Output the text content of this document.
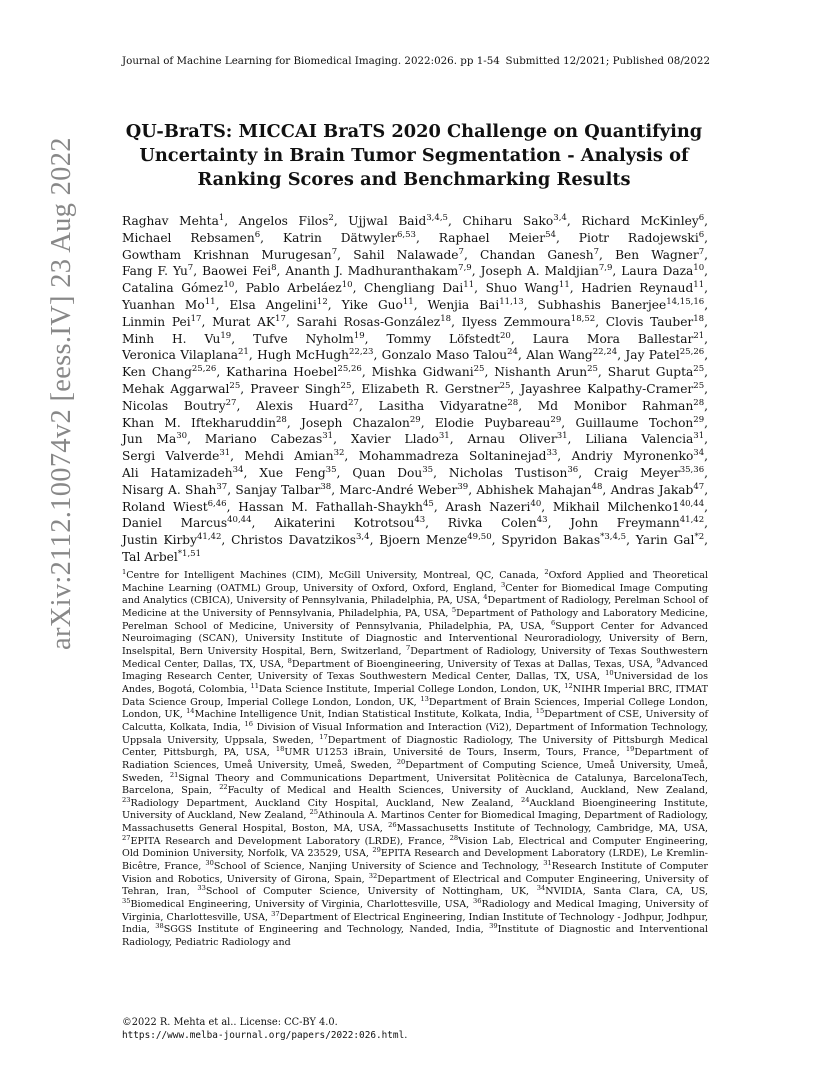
Journal of Machine Learning for Biomedical Imaging. 2022:026. pp 1-54 Submitted 12/2021; Published 08/2022
arXiv:2112.10074v2 [eess.IV] 23 Aug 2022
QU-BraTS: MICCAI BraTS 2020 Challenge on Quantifying
Uncertainty in Brain Tumor Segmentation - Analysis of
Ranking Scores and Benchmarking Results
Raghav Mehta$^1$, Angelos Filos$^2$, Ujjwal Baid$^{3,4,5}$, Chiharu Sako$^{3,4}$, Richard McKinley$^6$, Michael Rebsamen$^6$, Katrin Dätwyler$^{6,53}$, Raphael Meier$^{54}$, Piotr Radojewski$^6$, Gowtham Krishnan Murugesan$^7$, Sahil Nalawade$^7$, Chandan Ganesh$^7$, Ben Wagner$^7$, Fang F. Yu$^7$, Baowei Fei$^8$, Ananth J. Madhuranthakam$^{7,9}$, Joseph A. Maldjian$^{7,9}$, Laura Daza$^{10}$, Catalina Gómez$^{10}$, Pablo Arbeláez$^{10}$, Chengliang Dai$^{11}$, Shuo Wang$^{11}$, Hadrien Reynaud$^{11}$, Yuanhan Mo$^{11}$, Elsa Angelini$^{12}$, Yike Guo$^{11}$, Wenjia Bai$^{11,13}$, Subhashis Banerjee$^{14,15,16}$, Linmin Pei$^{17}$, Murat AK$^{17}$, Sarahi Rosas-González$^{18}$, Ilyess Zemmoura$^{18,52}$, Clovis Tauber$^{18}$, Minh H. Vu$^{19}$, Tufve Nyholm$^{19}$, Tommy Löfstedt$^{20}$, Laura Mora Ballestar$^{21}$, Veronica Vilaplana$^{21}$, Hugh McHugh$^{22,23}$, Gonzalo Maso Talou$^{24}$, Alan Wang$^{22,24}$, Jay Patel$^{25,26}$, Ken Chang$^{25,26}$, Katharina Hoebel$^{25,26}$, Mishka Gidwani$^{25}$, Nishanth Arun$^{25}$, Sharut Gupta$^{25}$, Mehak Aggarwal$^{25}$, Praveer Singh$^{25}$, Elizabeth R. Gerstner$^{25}$, Jayashree Kalpathy-Cramer$^{25}$, Nicolas Boutry$^{27}$, Alexis Huard$^{27}$, Lasitha Vidyaratne$^{28}$, Md Monibor Rahman$^{28}$, Khan M. Iftekharuddin$^{28}$, Joseph Chazalon$^{29}$, Elodie Puybareau$^{29}$, Guillaume Tochon$^{29}$, Jun Ma$^{30}$, Mariano Cabezas$^{31}$, Xavier Llado$^{31}$, Arnau Oliver$^{31}$, Liliana Valencia$^{31}$, Sergi Valverde$^{31}$, Mehdi Amian$^{32}$, Mohammadreza Soltaninejad$^{33}$, Andriy Myronenko$^{34}$, Ali Hatamizadeh$^{34}$, Xue Feng$^{35}$, Quan Dou$^{35}$, Nicholas Tustison$^{36}$, Craig Meyer$^{35,36}$, Nisarg A. Shah$^{37}$, Sanjay Talbar$^{38}$, Marc-André Weber$^{39}$, Abhishek Mahajan$^{48}$, Andras Jakab$^{47}$, Roland Wiest$^{6,46}$, Hassan M. Fathallah-Shaykh$^{45}$, Arash Nazeri$^{40}$, Mikhail Milchenko1$^{40,44}$, Daniel Marcus$^{40,44}$, Aikaterini Kotrotsou$^{43}$, Rivka Colen$^{43}$, John Freymann$^{41,42}$, Justin Kirby$^{41,42}$, Christos Davatzikos$^{3,4}$, Bjoern Menze$^{49,50}$, Spyridon Bakas$^{*3,4,5}$, Yarin Gal$^{*2}$, Tal Arbel$^{*1,51}$
$^1$Centre for Intelligent Machines (CIM), McGill University, Montreal, QC, Canada, $^2$Oxford Applied and Theoretical Machine Learning (OATML) Group, University of Oxford, Oxford, England, $^3$Center for Biomedical Image Computing and Analytics (CBICA), University of Pennsylvania, Philadelphia, PA, USA, $^4$Department of Radiology, Perelman School of Medicine at the University of Pennsylvania, Philadelphia, PA, USA, $^5$Department of Pathology and Laboratory Medicine, Perelman School of Medicine, University of Pennsylvania, Philadelphia, PA, USA, $^6$Support Center for Advanced Neuroimaging (SCAN), University Institute of Diagnostic and Interventional Neuroradiology, University of Bern, Inselspital, Bern University Hospital, Bern, Switzerland, $^7$Department of Radiology, University of Texas Southwestern Medical Center, Dallas, TX, USA, $^8$Department of Bioengineering, University of Texas at Dallas, Texas, USA, $^9$Advanced Imaging Research Center, University of Texas Southwestern Medical Center, Dallas, TX, USA, $^{10}$Universidad de los Andes, Bogotá, Colombia, $^{11}$Data Science Institute, Imperial College London, London, UK, $^{12}$NIHR Imperial BRC, ITMAT Data Science Group, Imperial College London, London, UK, $^{13}$Department of Brain Sciences, Imperial College London, London, UK, $^{14}$Machine Intelligence Unit, Indian Statistical Institute, Kolkata, India, $^{15}$Department of CSE, University of Calcutta, Kolkata, India, $^{16}$ Division of Visual Information and Interaction (Vi2), Department of Information Technology, Uppsala University, Uppsala, Sweden, $^{17}$Department of Diagnostic Radiology, The University of Pittsburgh Medical Center, Pittsburgh, PA, USA, $^{18}$UMR U1253 iBrain, Université de Tours, Inserm, Tours, France, $^{19}$Department of Radiation Sciences, Umeå University, Umeå, Sweden, $^{20}$Department of Computing Science, Umeå University, Umeå, Sweden, $^{21}$Signal Theory and Communications Department, Universitat Politècnica de Catalunya, BarcelonaTech, Barcelona, Spain, $^{22}$Faculty of Medical and Health Sciences, University of Auckland, Auckland, New Zealand, $^{23}$Radiology Department, Auckland City Hospital, Auckland, New Zealand, $^{24}$Auckland Bioengineering Institute, University of Auckland, New Zealand, $^{25}$Athinoula A. Martinos Center for Biomedical Imaging, Department of Radiology, Massachusetts General Hospital, Boston, MA, USA, $^{26}$Massachusetts Institute of Technology, Cambridge, MA, USA, $^{27}$EPITA Research and Development Laboratory (LRDE), France, $^{28}$Vision Lab, Electrical and Computer Engineering, Old Dominion University, Norfolk, VA 23529, USA, $^{29}$EPITA Research and Development Laboratory (LRDE), Le Kremlin-Bicêtre, France, $^{30}$School of Science, Nanjing University of Science and Technology, $^{31}$Research Institute of Computer Vision and Robotics, University of Girona, Spain, $^{32}$Department of Electrical and Computer Engineering, University of Tehran, Iran, $^{33}$School of Computer Science, University of Nottingham, UK, $^{34}$NVIDIA, Santa Clara, CA, US, $^{35}$Biomedical Engineering, University of Virginia, Charlottesville, USA, $^{36}$Radiology and Medical Imaging, University of Virginia, Charlottesville, USA, $^{37}$Department of Electrical Engineering, Indian Institute of Technology - Jodhpur, Jodhpur, India, $^{38}$SGGS Institute of Engineering and Technology, Nanded, India, $^{39}$Institute of Diagnostic and Interventional Radiology, Pediatric Radiology and
©2022 R. Mehta et al.. License: CC-BY 4.0.
https://www.melba-journal.org/papers/2022:026.html.
